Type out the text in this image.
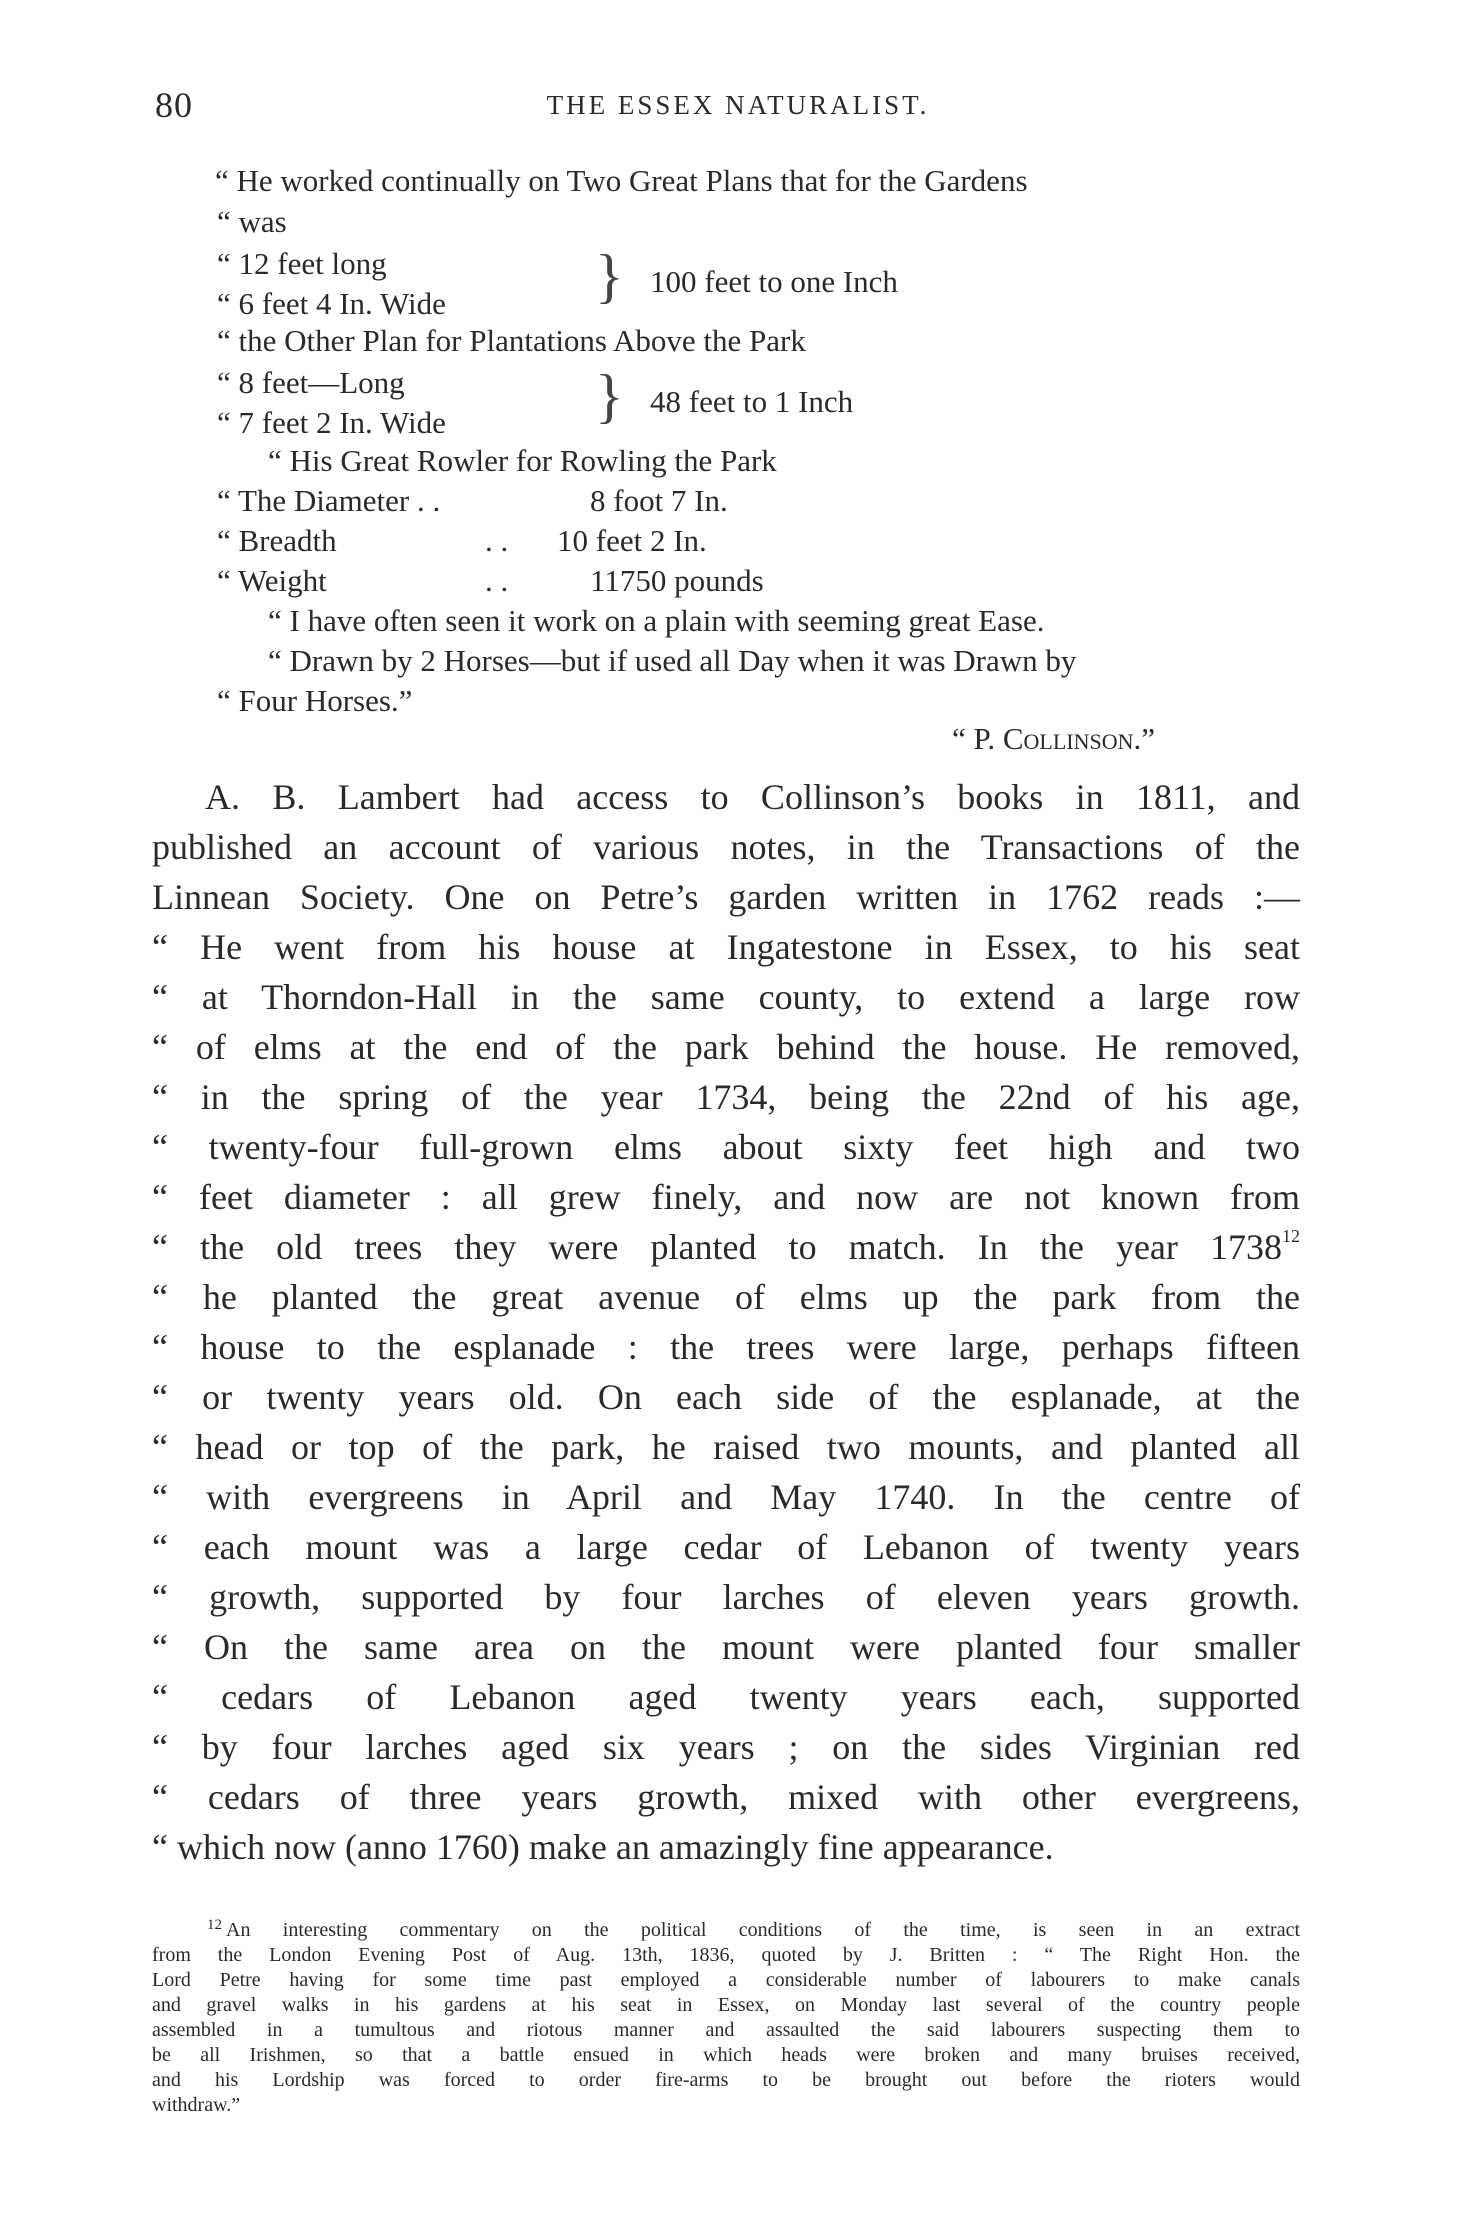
80	THE ESSEX NATURALIST.
“ He worked continually on Two Great Plans that for the Gardens
“ was
“ 12 feet long
“ 6 feet 4 In. Wide } 100 feet to one Inch
“ the Other Plan for Plantations Above the Park
“ 8 feet—Long
“ 7 feet 2 In. Wide } 48 feet to 1 Inch
“ His Great Rowler for Rowling the Park
“ The Diameter . .	8 foot 7 In.
“ Breadth	. . 10 feet 2 In.
“ Weight	. .	11750 pounds
“ I have often seen it work on a plain with seeming great Ease.
“ Drawn by 2 Horses—but if used all Day when it was Drawn by
“ Four Horses.”
“ P. Collinson.”
A. B. Lambert had access to Collinson’s books in 1811, and
published an account of various notes, in the Transactions of the
Linnean Society. One on Petre’s garden written in 1762 reads :—
“ He went from his house at Ingatestone in Essex, to his seat
“ at Thorndon-Hall in the same county, to extend a large row
“ of elms at the end of the park behind the house. He removed,
“ in the spring of the year 1734, being the 22nd of his age,
“ twenty-four full-grown elms about sixty feet high and two
“ feet diameter : all grew finely, and now are not known from
“ the old trees they were planted to match. In the year 1738$^{12}$
“ he planted the great avenue of elms up the park from the
“ house to the esplanade : the trees were large, perhaps fifteen
“ or twenty years old. On each side of the esplanade, at the
“ head or top of the park, he raised two mounts, and planted all
“ with evergreens in April and May 1740. In the centre of
“ each mount was a large cedar of Lebanon of twenty years
“ growth, supported by four larches of eleven years growth.
“ On the same area on the mount were planted four smaller
“ cedars of Lebanon aged twenty years each, supported
“ by four larches aged six years ; on the sides Virginian red
“ cedars of three years growth, mixed with other evergreens,
“ which now (anno 1760) make an amazingly fine appearance.
$^{12}$ An interesting commentary on the political conditions of the time, is seen in an extract
from the London Evening Post of Aug. 13th, 1836, quoted by J. Britten : “ The Right Hon. the
Lord Petre having for some time past employed a considerable number of labourers to make canals
and gravel walks in his gardens at his seat in Essex, on Monday last several of the country people
assembled in a tumultous and riotous manner and assaulted the said labourers suspecting them to
be all Irishmen, so that a battle ensued in which heads were broken and many bruises received,
and his Lordship was forced to order fire-arms to be brought out before the rioters would
withdraw.”
